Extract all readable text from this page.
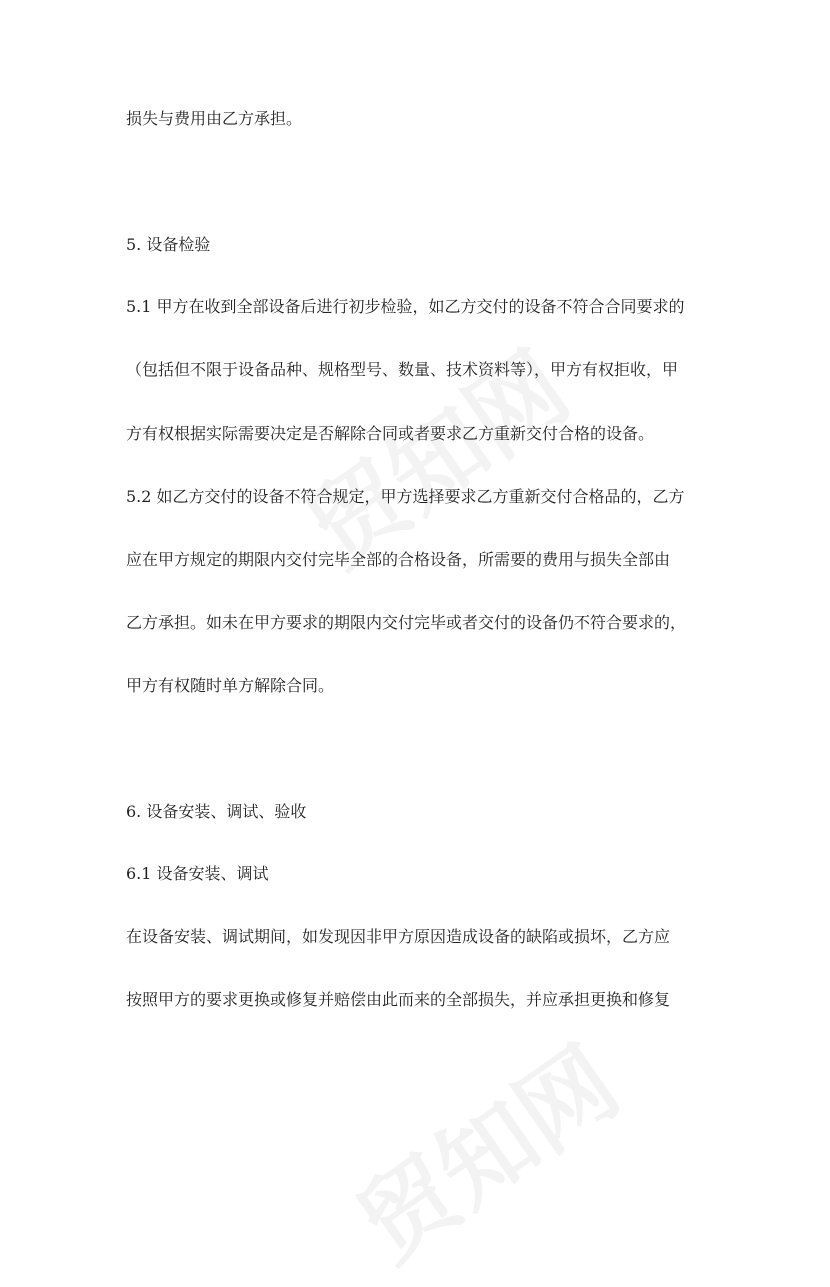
损失与费用由乙方承担。
5. 设备检验
5.1 甲方在收到全部设备后进行初步检验，如乙方交付的设备不符合合同要求的
（包括但不限于设备品种、规格型号、数量、技术资料等），甲方有权拒收，甲
方有权根据实际需要决定是否解除合同或者要求乙方重新交付合格的设备。
5.2 如乙方交付的设备不符合规定，甲方选择要求乙方重新交付合格品的，乙方
应在甲方规定的期限内交付完毕全部的合格设备，所需要的费用与损失全部由
乙方承担。如未在甲方要求的期限内交付完毕或者交付的设备仍不符合要求的，
甲方有权随时单方解除合同。
6. 设备安装、调试、验收
6.1 设备安装、调试
在设备安装、调试期间，如发现因非甲方原因造成设备的缺陷或损坏，乙方应
按照甲方的要求更换或修复并赔偿由此而来的全部损失，并应承担更换和修复
